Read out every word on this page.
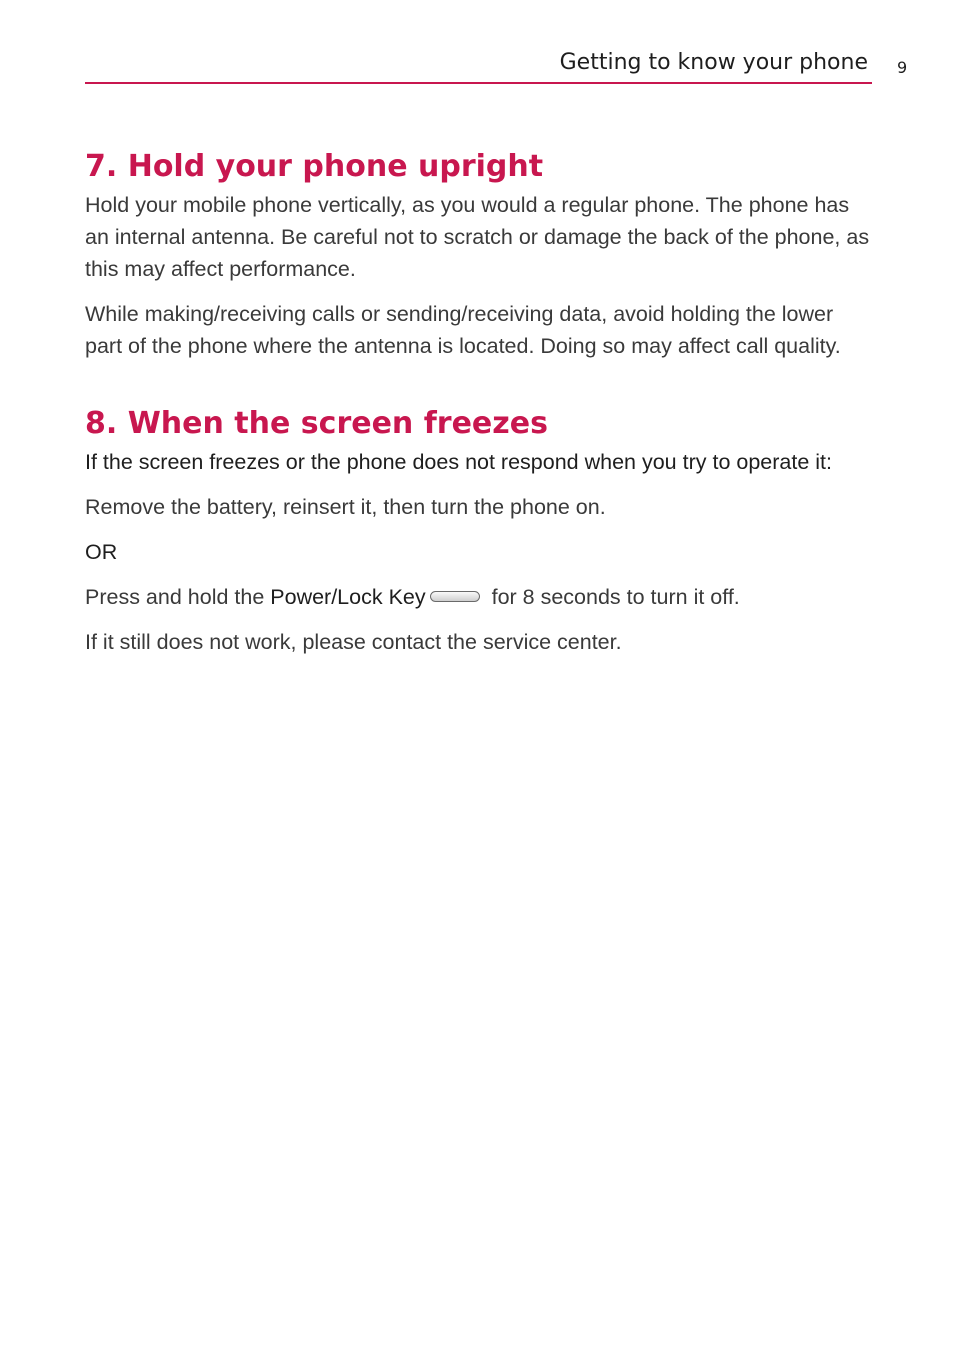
Getting to know your phone 9
7. Hold your phone upright

Hold your mobile phone vertically, as you would a regular phone. The phone has an internal antenna. Be careful not to scratch or damage the back of the phone, as this may affect performance.

While making/receiving calls or sending/receiving data, avoid holding the lower part of the phone where the antenna is located. Doing so may affect call quality.

8. When the screen freezes

If the screen freezes or the phone does not respond when you try to operate it:

Remove the battery, reinsert it, then turn the phone on.

OR

Press and hold the Power/Lock Key	for 8 seconds to turn it off.

If it still does not work, please contact the service center.
